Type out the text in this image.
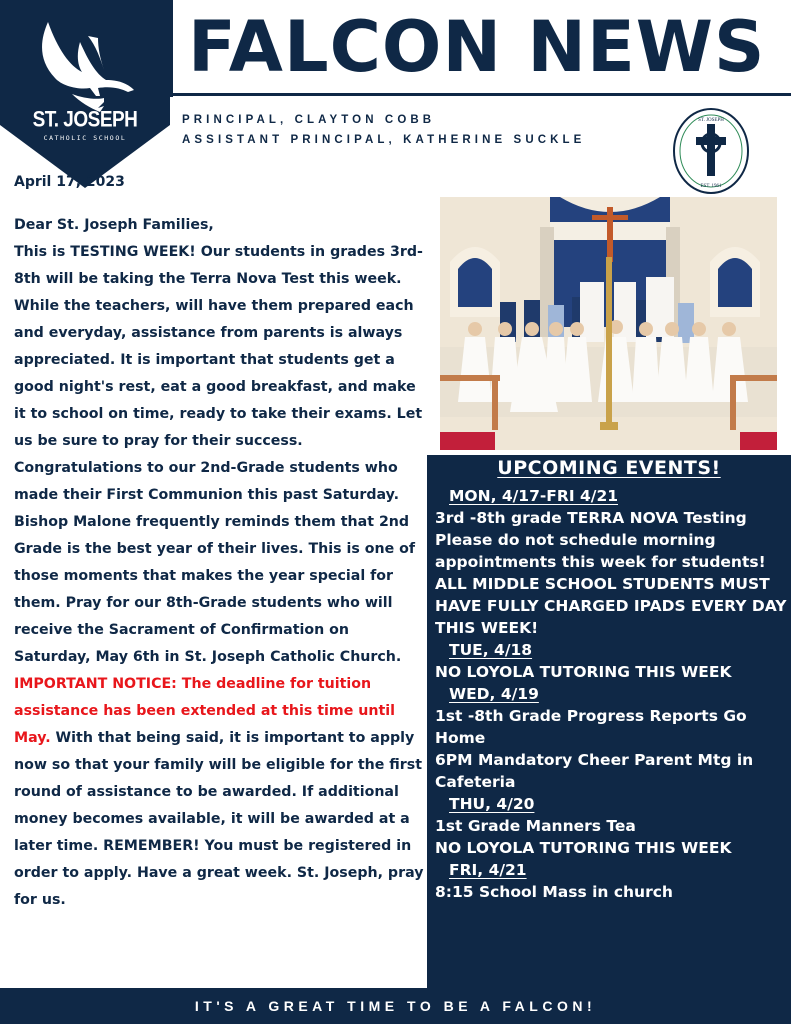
ST. JOSEPH
CATHOLIC SCHOOL
FALCON NEWS
PRINCIPAL, CLAYTON COBB
ASSISTANT PRINCIPAL, KATHERINE SUCKLE
EST. 1961
ST. JOSEPH
April 17, 2023

Dear St. Joseph Families,

This is TESTING WEEK! Our students in grades 3rd-8th will be taking the Terra Nova Test this week. While the teachers, will have them prepared each and everyday, assistance from parents is always appreciated. It is important that students get a good night's rest, eat a good breakfast, and make it to school on time, ready to take their exams. Let us be sure to pray for their success.

Congratulations to our 2nd-Grade students who made their First Communion this past Saturday. Bishop Malone frequently reminds them that 2nd Grade is the best year of their lives. This is one of those moments that makes the year special for them. Pray for our 8th-Grade students who will receive the Sacrament of Confirmation on Saturday, May 6th in St. Joseph Catholic Church.

IMPORTANT NOTICE: The deadline for tuition assistance has been extended at this time until May. With that being said, it is important to apply now so that your family will be eligible for the first round of assistance to be awarded. If additional money becomes available, it will be awarded at a later time. REMEMBER! You must be registered in order to apply. Have a great week. St. Joseph, pray for us.

UPCOMING EVENTS!
MON, 4/17-FRI 4/21
3rd -8th grade TERRA NOVA Testing
Please do not schedule morning appointments this week for students!
ALL MIDDLE SCHOOL STUDENTS MUST HAVE FULLY CHARGED IPADS EVERY DAY THIS WEEK!
TUE, 4/18
NO LOYOLA TUTORING THIS WEEK
WED, 4/19
1st -8th Grade Progress Reports Go Home
6PM Mandatory Cheer Parent Mtg in Cafeteria
THU, 4/20
1st Grade Manners Tea
NO LOYOLA TUTORING THIS WEEK
FRI, 4/21
8:15 School Mass in church
IT'S A GREAT TIME TO BE A FALCON!
